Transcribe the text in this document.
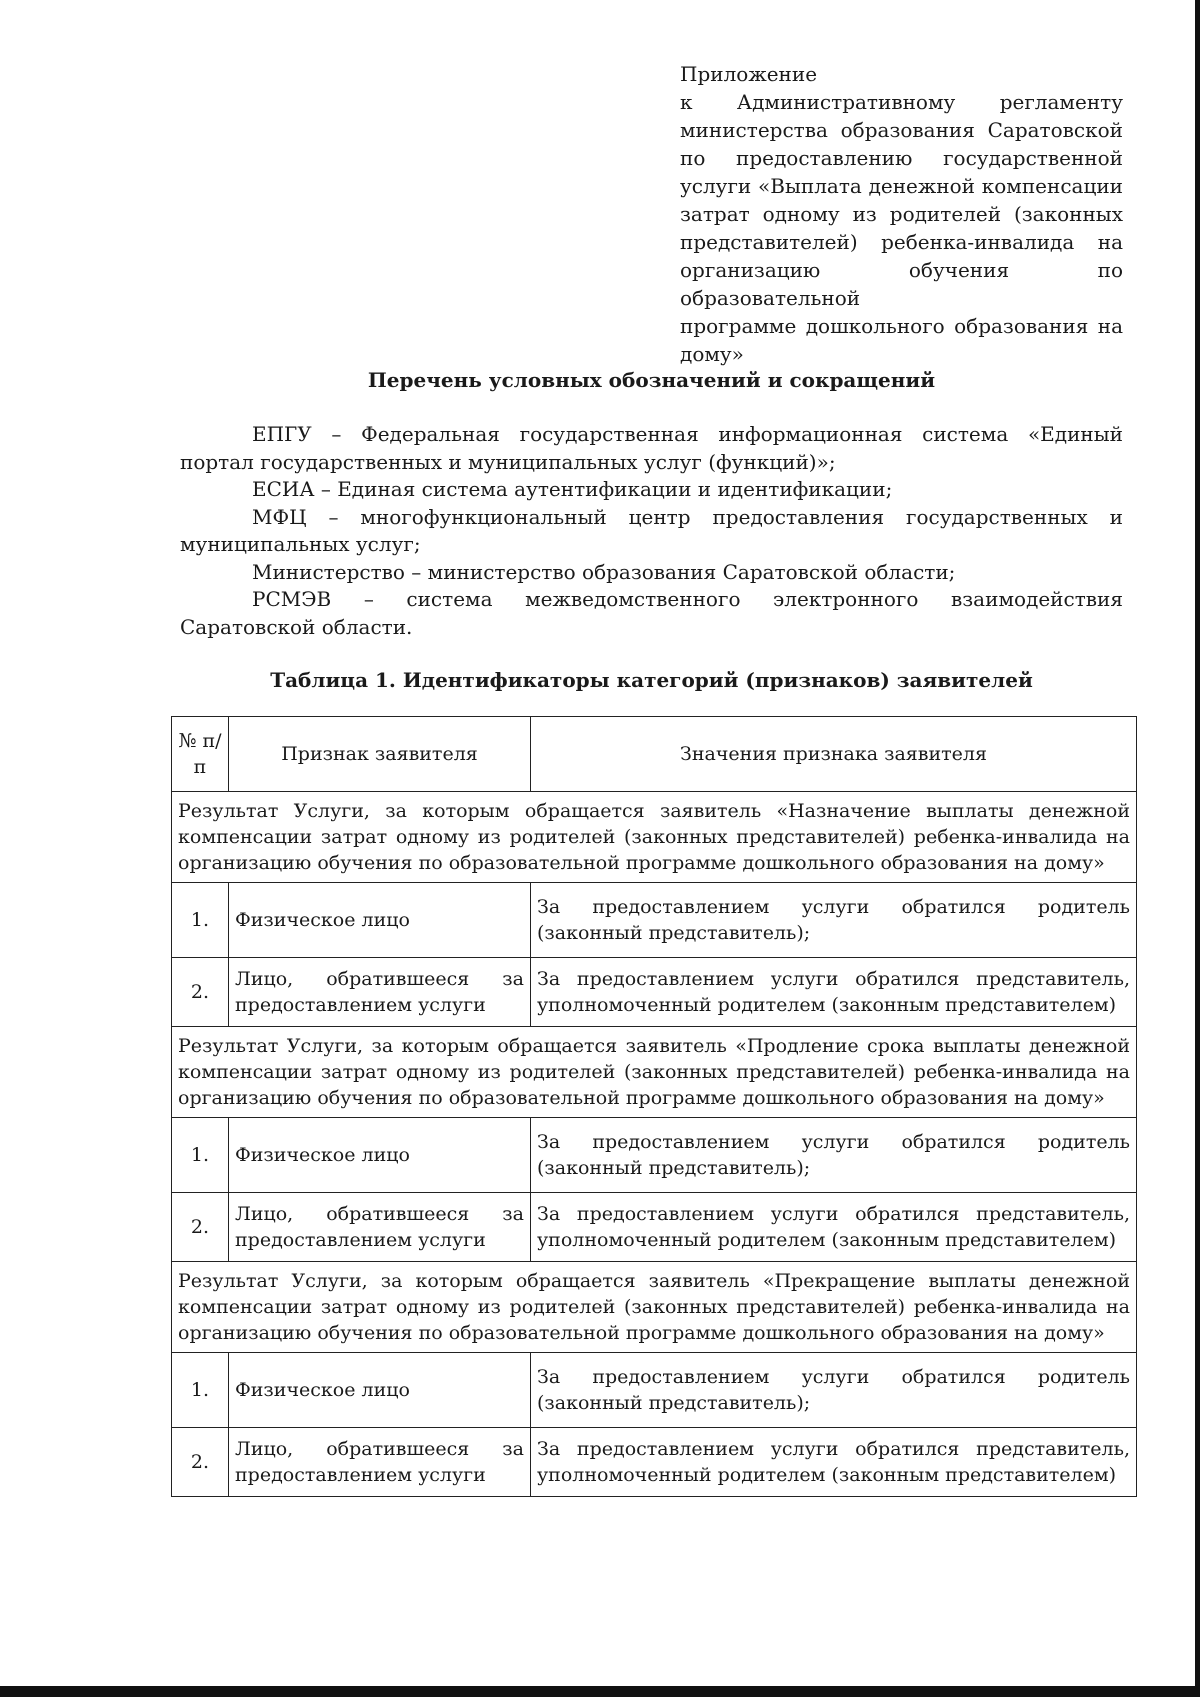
Приложение
к Административному регламенту
министерства образования Саратовской
по предоставлению государственной
услуги «Выплата денежной компенсации
затрат одному из родителей (законных
представителей) ребенка-инвалида на
организацию обучения по образовательной
программе дошкольного образования на
дому»
Перечень условных обозначений и сокращений

ЕПГУ – Федеральная государственная информационная система «Единый портал государственных и муниципальных услуг (функций)»;

ЕСИА – Единая система аутентификации и идентификации;

МФЦ – многофункциональный центр предоставления государственных и муниципальных услуг;

Министерство – министерство образования Саратовской области;

РСМЭВ – система межведомственного электронного взаимодействия Саратовской области.

Таблица 1. Идентификаторы категорий (признаков) заявителей
№ п/п	Признак заявителя	Значения признака заявителя
Результат Услуги, за которым обращается заявитель «Назначение выплаты денежной компенсации затрат одному из родителей (законных представителей) ребенка-инвалида на организацию обучения по образовательной программе дошкольного образования на дому»		
1.	Физическое лицо	За предоставлением услуги обратился родитель (законный представитель);
2.	Лицо, обратившееся за предоставлением услуги	За предоставлением услуги обратился представитель, уполномоченный родителем (законным представителем)
Результат Услуги, за которым обращается заявитель «Продление срока выплаты денежной компенсации затрат одному из родителей (законных представителей) ребенка-инвалида на организацию обучения по образовательной программе дошкольного образования на дому»		
1.	Физическое лицо	За предоставлением услуги обратился родитель (законный представитель);
2.	Лицо, обратившееся за предоставлением услуги	За предоставлением услуги обратился представитель, уполномоченный родителем (законным представителем)
Результат Услуги, за которым обращается заявитель «Прекращение выплаты денежной компенсации затрат одному из родителей (законных представителей) ребенка-инвалида на организацию обучения по образовательной программе дошкольного образования на дому»		
1.	Физическое лицо	За предоставлением услуги обратился родитель (законный представитель);
2.	Лицо, обратившееся за предоставлением услуги	За предоставлением услуги обратился представитель, уполномоченный родителем (законным представителем)
